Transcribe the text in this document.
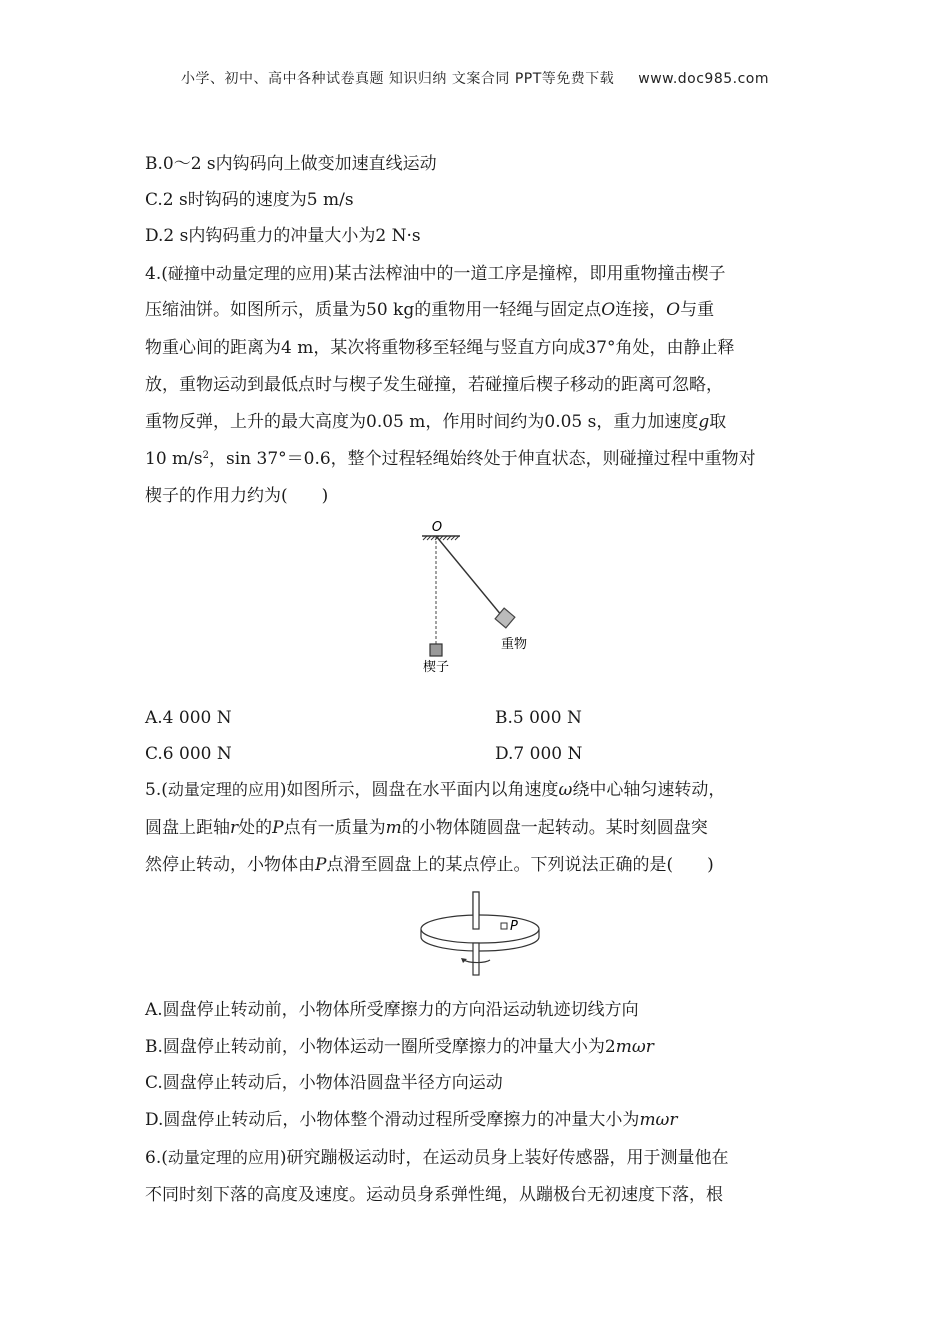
小学、初中、高中各种试卷真题 知识归纳 文案合同 PPT等免费下载 www.doc985.com
B.0～2 s内钩码向上做变加速直线运动
C.2 s时钩码的速度为5 m/s
D.2 s内钩码重力的冲量大小为2 N·s
4.(碰撞中动量定理的应用)某古法榨油中的一道工序是撞榨，即用重物撞击楔子
压缩油饼。如图所示，质量为50 kg的重物用一轻绳与固定点O连接，O与重
物重心间的距离为4 m，某次将重物移至轻绳与竖直方向成37°角处，由静止释
放，重物运动到最低点时与楔子发生碰撞，若碰撞后楔子移动的距离可忽略，
重物反弹，上升的最大高度为0.05 m，作用时间约为0.05 s，重力加速度g取
10 $m/s^2$，sin 37°＝0.6，整个过程轻绳始终处于伸直状态，则碰撞过程中重物对
楔子的作用力约为(　　)
O
重物
楔子
A.4 000 N	B.5 000 N
C.6 000 N	D.7 000 N
5.(动量定理的应用)如图所示，圆盘在水平面内以角速度ω绕中心轴匀速转动，
圆盘上距轴r处的P点有一质量为m的小物体随圆盘一起转动。某时刻圆盘突
然停止转动，小物体由P点滑至圆盘上的某点停止。下列说法正确的是(　　)
P
A.圆盘停止转动前，小物体所受摩擦力的方向沿运动轨迹切线方向
B.圆盘停止转动前，小物体运动一圈所受摩擦力的冲量大小为2mωr
C.圆盘停止转动后，小物体沿圆盘半径方向运动
D.圆盘停止转动后，小物体整个滑动过程所受摩擦力的冲量大小为mωr
6.(动量定理的应用)研究蹦极运动时，在运动员身上装好传感器，用于测量他在
不同时刻下落的高度及速度。运动员身系弹性绳，从蹦极台无初速度下落，根
